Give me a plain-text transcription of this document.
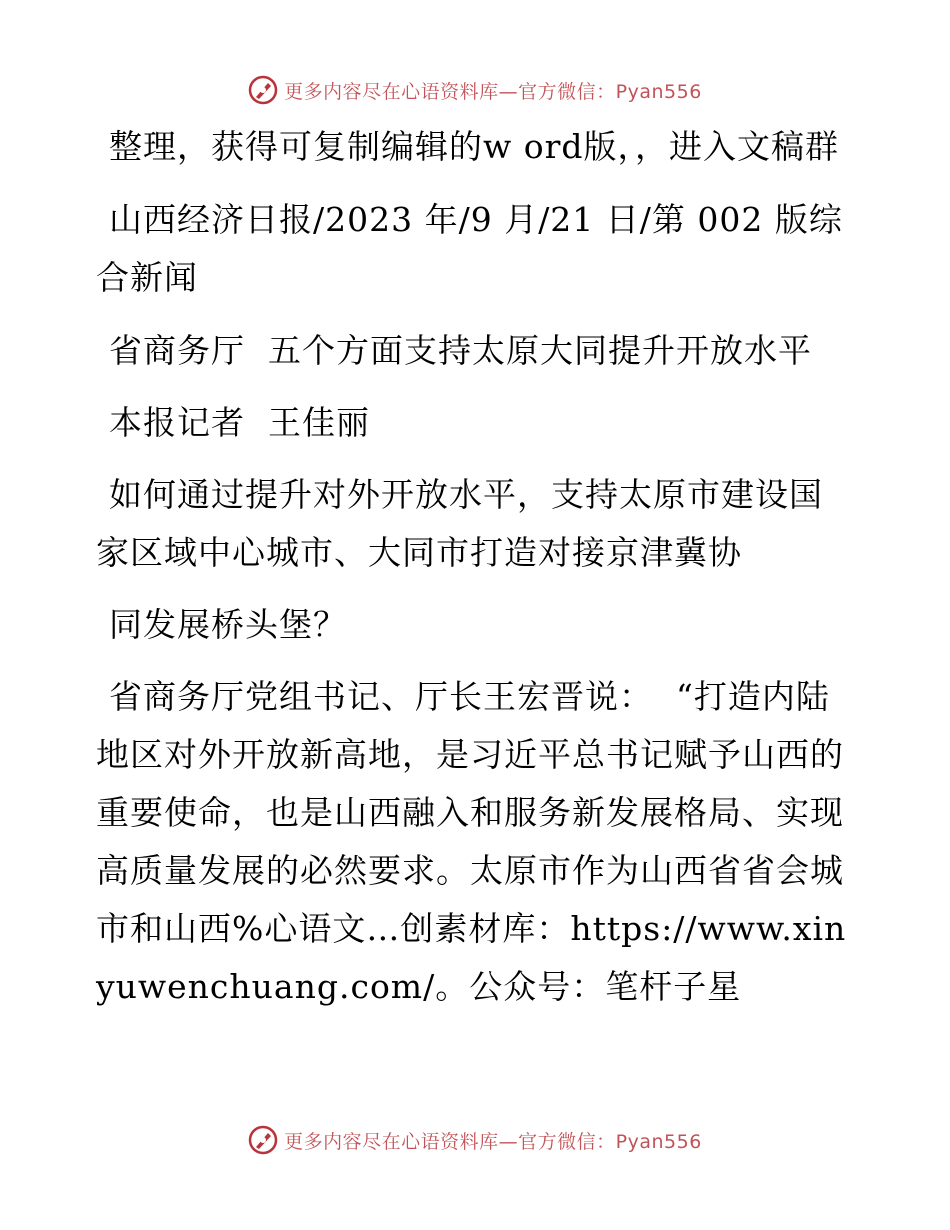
更多内容尽在心语资料库—官方微信：Pyan556

整理，获得可复制编辑的w ord版，，进入文稿群

山西经济日报/2023 年/9 月/21 日/第 002 版综合新闻

省商务厅  五个方面支持太原大同提升开放水平

本报记者  王佳丽

如何通过提升对外开放水平，支持太原市建设国家区域中心城市、大同市打造对接京津冀协

同发展桥头堡？

省商务厅党组书记、厅长王宏晋说：  “打造内陆地区对外开放新高地，是习近平总书记赋予山西的重要使命，也是山西融入和服务新发展格局、实现高质量发展的必然要求。太原市作为山西省省会城市和山西%心语文…创素材库：https://www.xinyuwenchuang.com/。公众号：笔杆子星

更多内容尽在心语资料库—官方微信：Pyan556
